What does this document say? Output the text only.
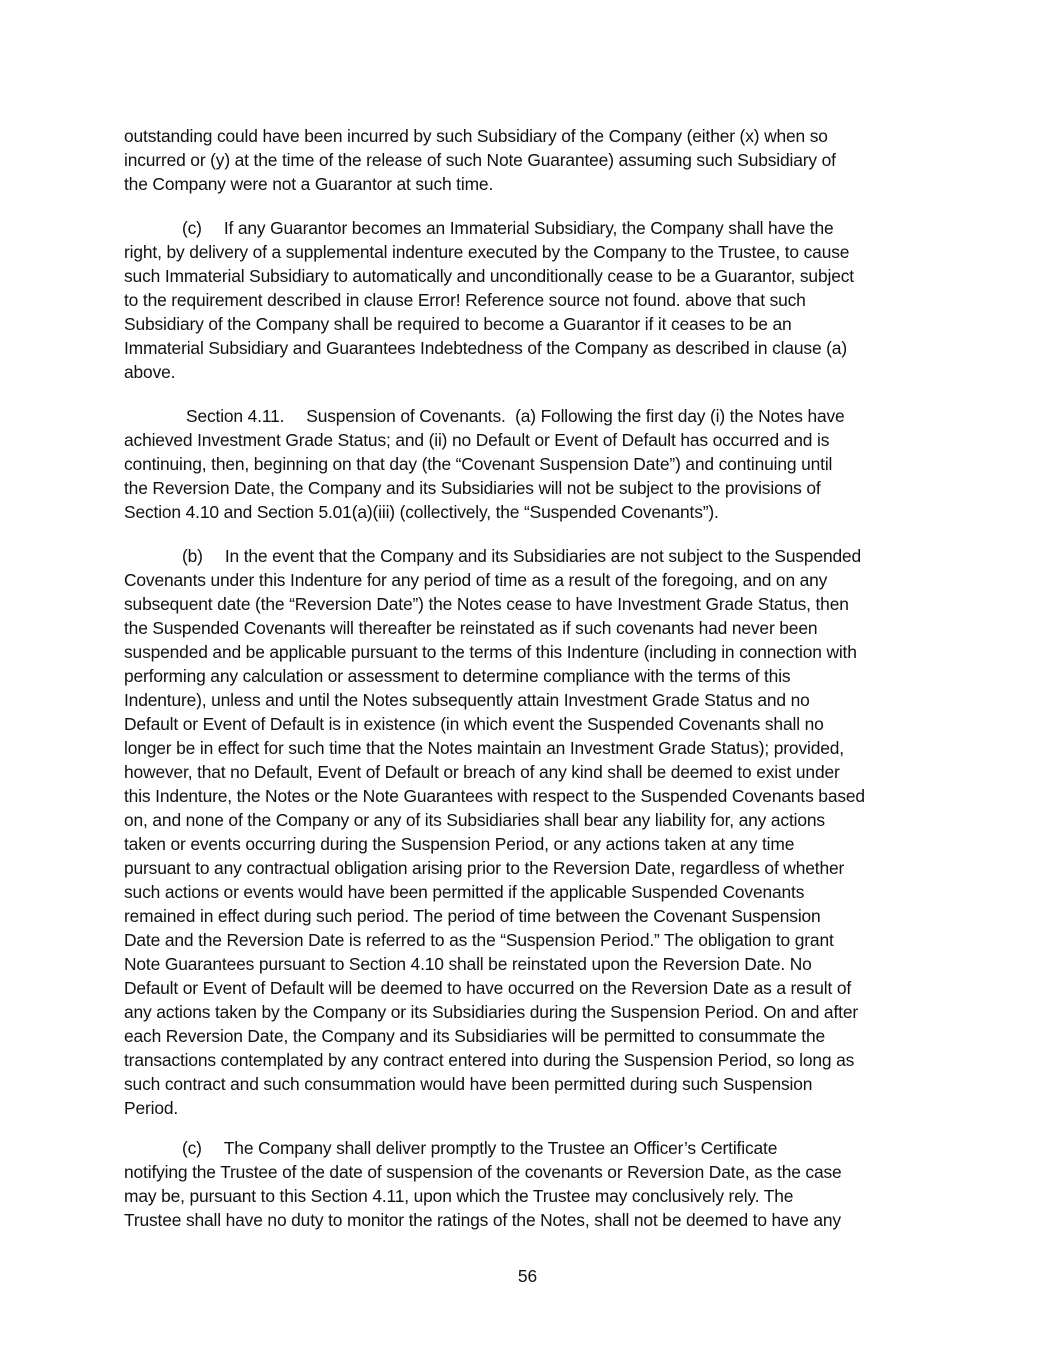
outstanding could have been incurred by such Subsidiary of the Company (either (x) when so
incurred or (y) at the time of the release of such Note Guarantee) assuming such Subsidiary of
the Company were not a Guarantor at such time.
(c) If any Guarantor becomes an Immaterial Subsidiary, the Company shall have the
right, by delivery of a supplemental indenture executed by the Company to the Trustee, to cause
such Immaterial Subsidiary to automatically and unconditionally cease to be a Guarantor, subject
to the requirement described in clause Error! Reference source not found. above that such
Subsidiary of the Company shall be required to become a Guarantor if it ceases to be an
Immaterial Subsidiary and Guarantees Indebtedness of the Company as described in clause (a)
above.
Section 4.11. Suspension of Covenants. (a) Following the first day (i) the Notes have
achieved Investment Grade Status; and (ii) no Default or Event of Default has occurred and is
continuing, then, beginning on that day (the “Covenant Suspension Date”) and continuing until
the Reversion Date, the Company and its Subsidiaries will not be subject to the provisions of
Section 4.10 and Section 5.01(a)(iii) (collectively, the “Suspended Covenants”).
(b) In the event that the Company and its Subsidiaries are not subject to the Suspended
Covenants under this Indenture for any period of time as a result of the foregoing, and on any
subsequent date (the “Reversion Date”) the Notes cease to have Investment Grade Status, then
the Suspended Covenants will thereafter be reinstated as if such covenants had never been
suspended and be applicable pursuant to the terms of this Indenture (including in connection with
performing any calculation or assessment to determine compliance with the terms of this
Indenture), unless and until the Notes subsequently attain Investment Grade Status and no
Default or Event of Default is in existence (in which event the Suspended Covenants shall no
longer be in effect for such time that the Notes maintain an Investment Grade Status); provided,
however, that no Default, Event of Default or breach of any kind shall be deemed to exist under
this Indenture, the Notes or the Note Guarantees with respect to the Suspended Covenants based
on, and none of the Company or any of its Subsidiaries shall bear any liability for, any actions
taken or events occurring during the Suspension Period, or any actions taken at any time
pursuant to any contractual obligation arising prior to the Reversion Date, regardless of whether
such actions or events would have been permitted if the applicable Suspended Covenants
remained in effect during such period. The period of time between the Covenant Suspension
Date and the Reversion Date is referred to as the “Suspension Period.” The obligation to grant
Note Guarantees pursuant to Section 4.10 shall be reinstated upon the Reversion Date. No
Default or Event of Default will be deemed to have occurred on the Reversion Date as a result of
any actions taken by the Company or its Subsidiaries during the Suspension Period. On and after
each Reversion Date, the Company and its Subsidiaries will be permitted to consummate the
transactions contemplated by any contract entered into during the Suspension Period, so long as
such contract and such consummation would have been permitted during such Suspension
Period.
(c) The Company shall deliver promptly to the Trustee an Officer’s Certificate
notifying the Trustee of the date of suspension of the covenants or Reversion Date, as the case
may be, pursuant to this Section 4.11, upon which the Trustee may conclusively rely. The
Trustee shall have no duty to monitor the ratings of the Notes, shall not be deemed to have any
56
